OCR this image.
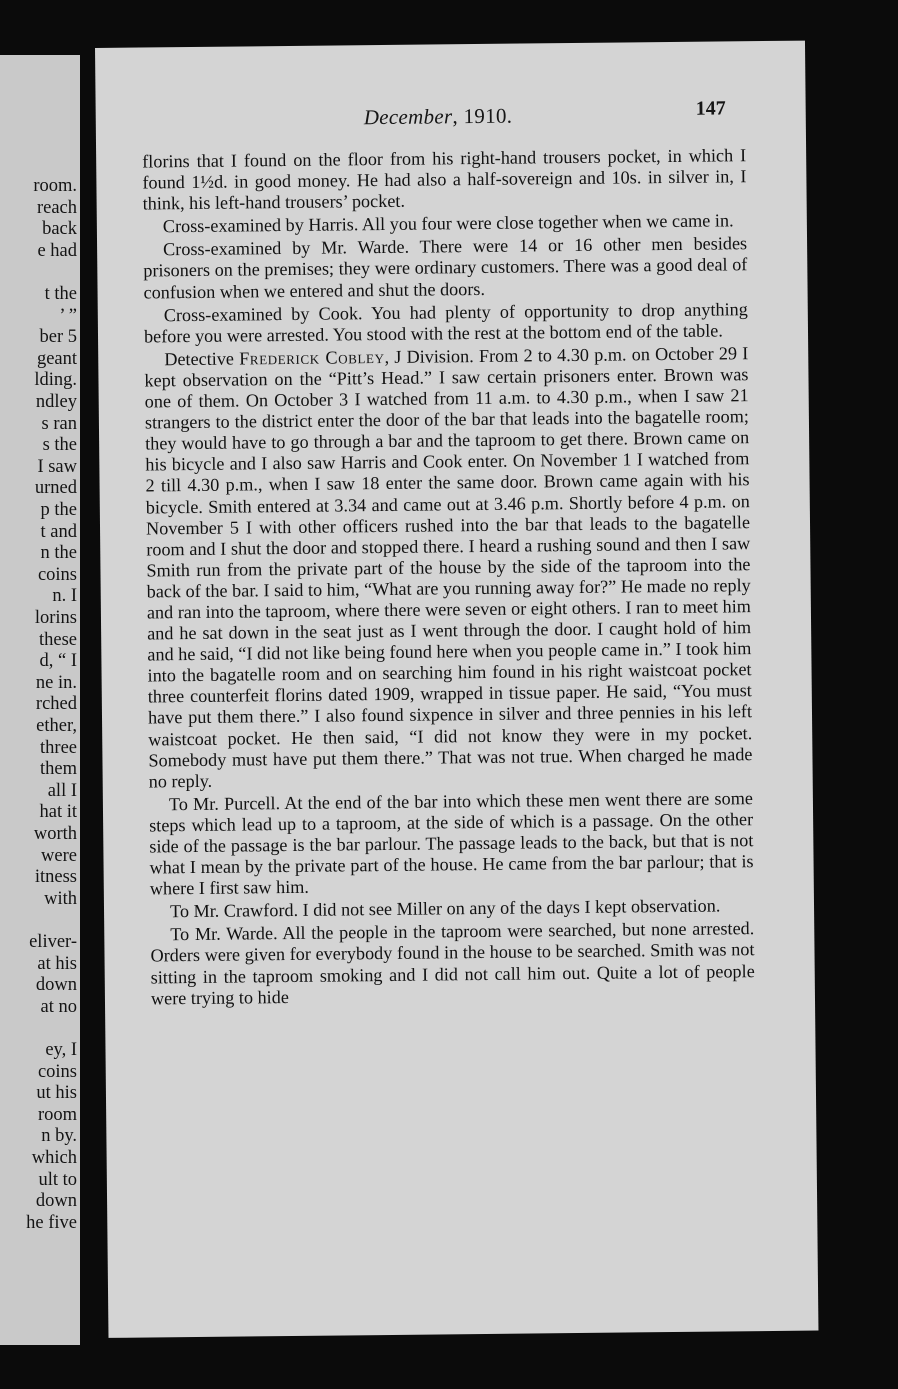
room.
reach
back
e had
t the
’ ”
ber 5
geant
lding.
ndley
s ran
s the
I saw
urned
p the
t and
n the
coins
n. I
lorins
these
d, “ I
ne in.
rched
ether,
three
them
all I
hat it
worth
were
itness
with
eliver-
at his
down
at no
ey, I
coins
ut his
room
n by.
which
ult to
down
he five
December, 1910.	147

florins that I found on the floor from his right-hand trousers pocket, in which I found 1½d. in good money. He had also a half-sovereign and 10s. in silver in, I think, his left-hand trousers’ pocket.

Cross-examined by Harris. All you four were close together when we came in.

Cross-examined by Mr. Warde. There were 14 or 16 other men besides prisoners on the premises; they were ordinary customers. There was a good deal of confusion when we entered and shut the doors.

Cross-examined by Cook. You had plenty of opportunity to drop anything before you were arrested. You stood with the rest at the bottom end of the table.

Detective Frederick Cobley, J Division. From 2 to 4.30 p.m. on October 29 I kept observation on the “Pitt’s Head.” I saw certain prisoners enter. Brown was one of them. On October 3 I watched from 11 a.m. to 4.30 p.m., when I saw 21 strangers to the district enter the door of the bar that leads into the bagatelle room; they would have to go through a bar and the taproom to get there. Brown came on his bicycle and I also saw Harris and Cook enter. On November 1 I watched from 2 till 4.30 p.m., when I saw 18 enter the same door. Brown came again with his bicycle. Smith entered at 3.34 and came out at 3.46 p.m. Shortly before 4 p.m. on November 5 I with other officers rushed into the bar that leads to the bagatelle room and I shut the door and stopped there. I heard a rushing sound and then I saw Smith run from the private part of the house by the side of the taproom into the back of the bar. I said to him, “What are you running away for?” He made no reply and ran into the taproom, where there were seven or eight others. I ran to meet him and he sat down in the seat just as I went through the door. I caught hold of him and he said, “I did not like being found here when you people came in.” I took him into the bagatelle room and on searching him found in his right waistcoat pocket three counterfeit florins dated 1909, wrapped in tissue paper. He said, “You must have put them there.” I also found sixpence in silver and three pennies in his left waistcoat pocket. He then said, “I did not know they were in my pocket. Somebody must have put them there.” That was not true. When charged he made no reply.

To Mr. Purcell. At the end of the bar into which these men went there are some steps which lead up to a taproom, at the side of which is a passage. On the other side of the passage is the bar parlour. The passage leads to the back, but that is not what I mean by the private part of the house. He came from the bar parlour; that is where I first saw him.

To Mr. Crawford. I did not see Miller on any of the days I kept observation.

To Mr. Warde. All the people in the taproom were searched, but none arrested. Orders were given for everybody found in the house to be searched. Smith was not sitting in the taproom smoking and I did not call him out. Quite a lot of people were trying to hide
